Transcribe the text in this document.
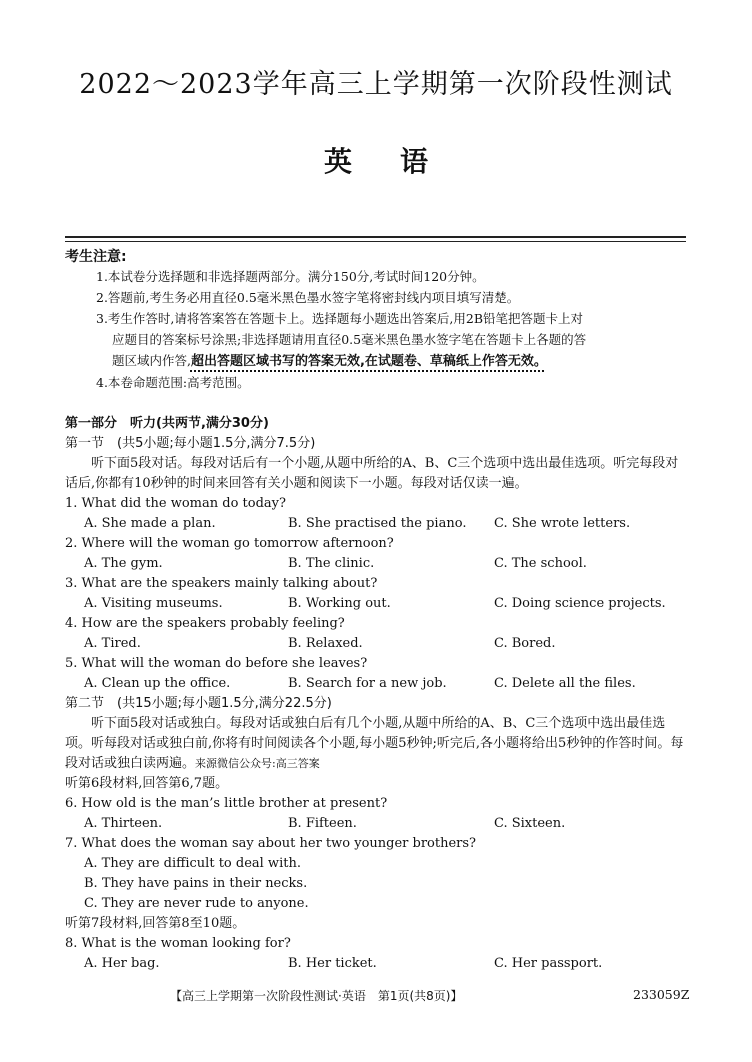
2022～2023学年高三上学期第一次阶段性测试
英语
考生注意:

1.本试卷分选择题和非选择题两部分。满分150分,考试时间120分钟。

2.答题前,考生务必用直径0.5毫米黑色墨水签字笔将密封线内项目填写清楚。

3.考生作答时,请将答案答在答题卡上。选择题每小题选出答案后,用2B铅笔把答题卡上对

应题目的答案标号涂黑;非选择题请用直径0.5毫米黑色墨水签字笔在答题卡上各题的答

题区域内作答,超出答题区域书写的答案无效,在试题卷、草稿纸上作答无效。

4.本卷命题范围:高考范围。

第一部分　听力(共两节,满分30分)

第一节　(共5小题;每小题1.5分,满分7.5分)

听下面5段对话。每段对话后有一个小题,从题中所给的A、B、C三个选项中选出最佳选项。听完每段对话后,你都有10秒钟的时间来回答有关小题和阅读下一小题。每段对话仅读一遍。

1. What did the woman do today?

A. She made a plan.	B. She practised the piano. C. She wrote letters.

2. Where will the woman go tomorrow afternoon?

A. The gym.	B. The clinic.	C. The school.

3. What are the speakers mainly talking about?

A. Visiting museums.	B. Working out.	C. Doing science projects.

4. How are the speakers probably feeling?

A. Tired.	B. Relaxed.	C. Bored.

5. What will the woman do before she leaves?

A. Clean up the office.	B. Search for a new job.	C. Delete all the files.

第二节　(共15小题;每小题1.5分,满分22.5分)

听下面5段对话或独白。每段对话或独白后有几个小题,从题中所给的A、B、C三个选项中选出最佳选项。听每段对话或独白前,你将有时间阅读各个小题,每小题5秒钟;听完后,各小题将给出5秒钟的作答时间。每段对话或独白读两遍。来源微信公众号:高三答案

听第6段材料,回答第6,7题。

6. How old is the man’s little brother at present?

A. Thirteen.	B. Fifteen.	C. Sixteen.

7. What does the woman say about her two younger brothers?

A. They are difficult to deal with.

B. They have pains in their necks.

C. They are never rude to anyone.

听第7段材料,回答第8至10题。

8. What is the woman looking for?

A. Her bag.	B. Her ticket.	C. Her passport.
【高三上学期第一次阶段性测试·英语　第1页(共8页)】	233059Z
